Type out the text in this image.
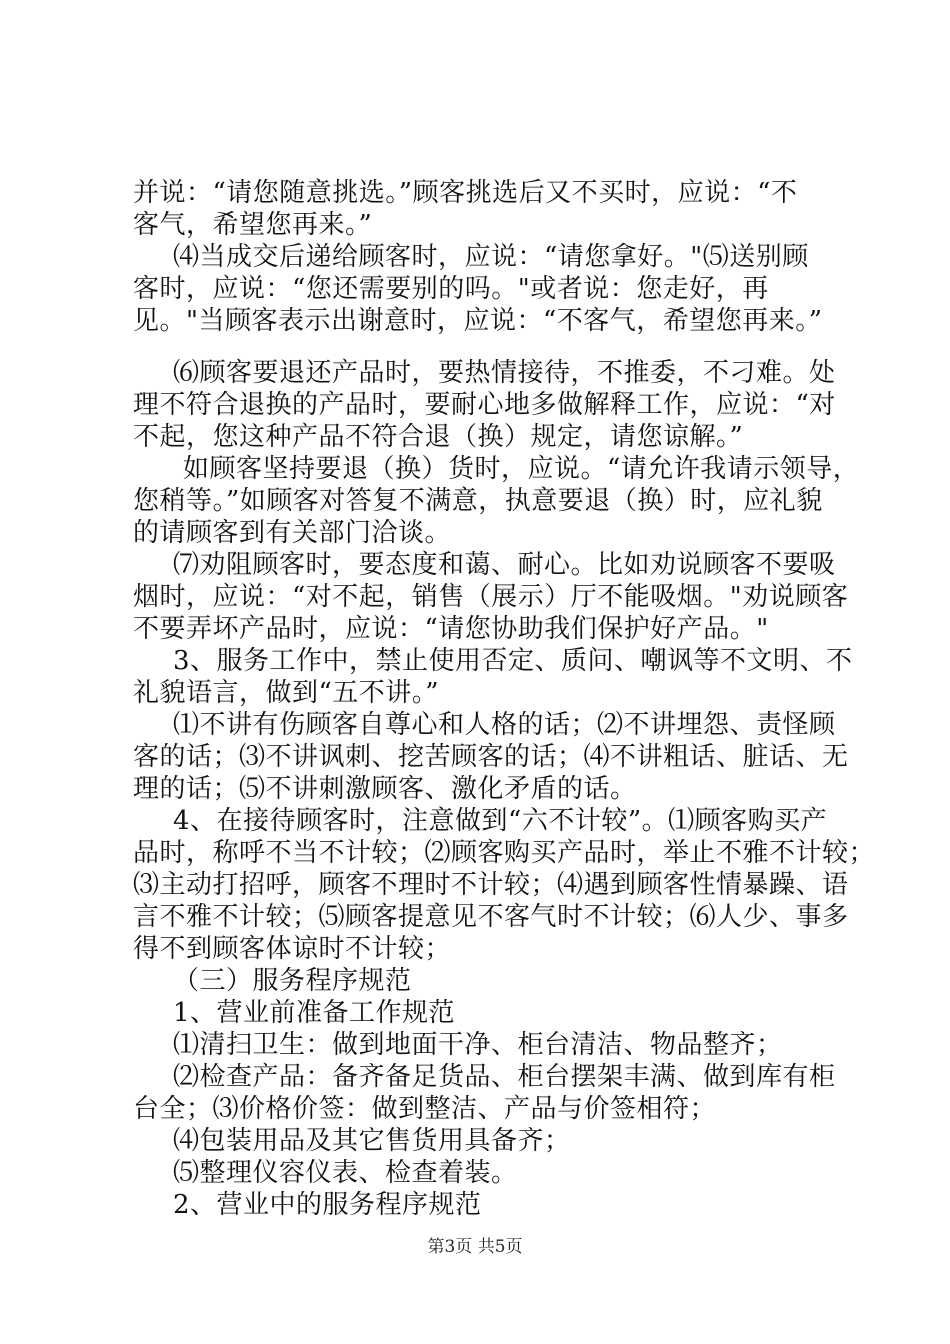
并说：“请您随意挑选。”顾客挑选后又不买时，应说：“不
客气，希望您再来。”
⑷当成交后递给顾客时，应说：“请您拿好。"⑸送别顾
客时，应说：“您还需要别的吗。"或者说：您走好，再
见。"当顾客表示出谢意时，应说：“不客气，希望您再来。”
⑹顾客要退还产品时，要热情接待，不推委，不刁难。处
理不符合退换的产品时，要耐心地多做解释工作，应说：“对
不起，您这种产品不符合退（换）规定，请您谅解。”
如顾客坚持要退（换）货时，应说。“请允许我请示领导，
您稍等。”如顾客对答复不满意，执意要退（换）时，应礼貌
的请顾客到有关部门洽谈。
⑺劝阻顾客时，要态度和蔼、耐心。比如劝说顾客不要吸
烟时，应说：“对不起，销售（展示）厅不能吸烟。"劝说顾客
不要弄坏产品时，应说：“请您协助我们保护好产品。"
3、服务工作中，禁止使用否定、质问、嘲讽等不文明、不
礼貌语言，做到“五不讲。”
⑴不讲有伤顾客自尊心和人格的话；⑵不讲埋怨、责怪顾
客的话；⑶不讲讽刺、挖苦顾客的话；⑷不讲粗话、脏话、无
理的话；⑸不讲刺激顾客、激化矛盾的话。
4、在接待顾客时，注意做到“六不计较”。⑴顾客购买产
品时，称呼不当不计较；⑵顾客购买产品时，举止不雅不计较；
⑶主动打招呼，顾客不理时不计较；⑷遇到顾客性情暴躁、语
言不雅不计较；⑸顾客提意见不客气时不计较；⑹人少、事多
得不到顾客体谅时不计较；
（三）服务程序规范
1、营业前准备工作规范
⑴清扫卫生：做到地面干净、柜台清洁、物品整齐；
⑵检查产品：备齐备足货品、柜台摆架丰满、做到库有柜
台全；⑶价格价签：做到整洁、产品与价签相符；
⑷包装用品及其它售货用具备齐；
⑸整理仪容仪表、检查着装。
2、营业中的服务程序规范
第3页 共5页
